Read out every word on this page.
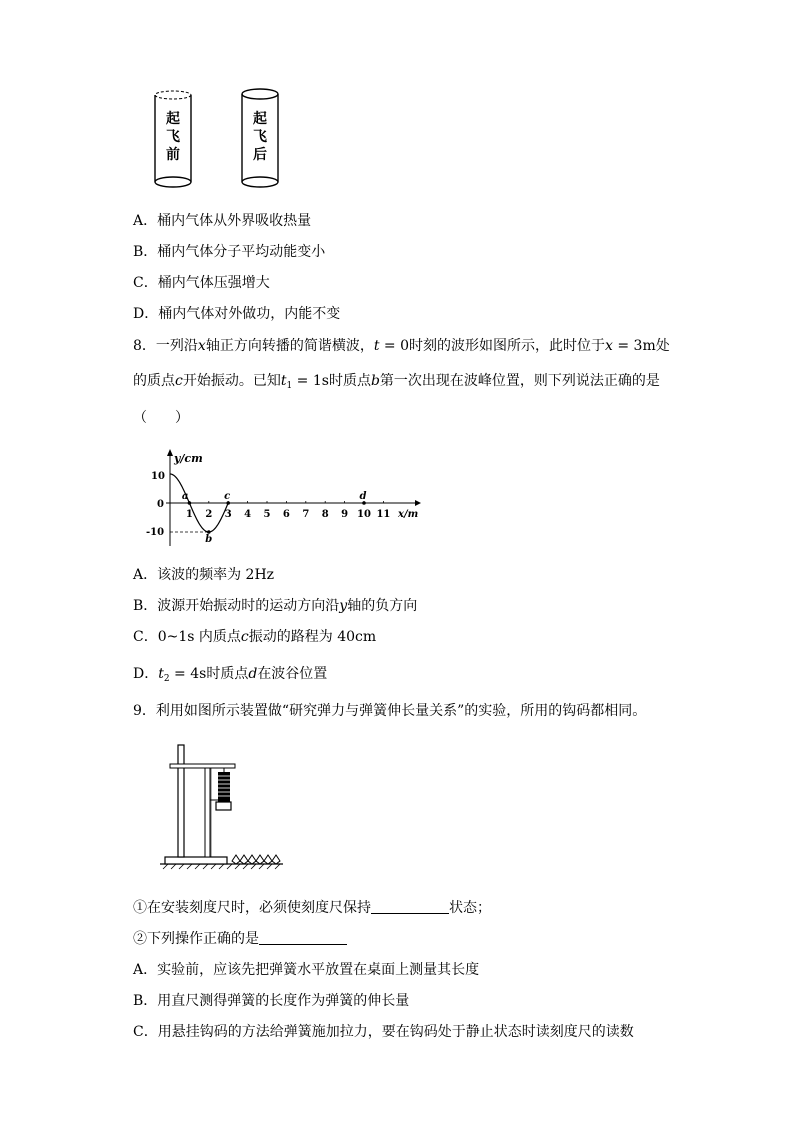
起
飞
前
起
飞
后
A．桶内气体从外界吸收热量
B．桶内气体分子平均动能变小
C．桶内气体压强增大
D．桶内气体对外做功，内能不变
8．一列沿x轴正方向转播的简谐横波，t = 0时刻的波形如图所示，此时位于x = 3m处
的质点c开始振动。已知$t_1 = 1s$时质点b第一次出现在波峰位置，则下列说法正确的是
（　　）
y/cm
x/m
10
0
-10
1 2 3 4 5 6 7 8 9 10 11
a
b
c	d
A．该波的频率为 2Hz
B．波源开始振动时的运动方向沿y轴的负方向
C．0~1s 内质点c振动的路程为 40cm
D．$t_2 = 4s$时质点d在波谷位置
9．利用如图所示装置做“研究弹力与弹簧伸长量关系”的实验，所用的钩码都相同。
①在安装刻度尺时，必须使刻度尺保持	状态；
②下列操作正确的是
A．实验前，应该先把弹簧水平放置在桌面上测量其长度
B．用直尺测得弹簧的长度作为弹簧的伸长量
C．用悬挂钩码的方法给弹簧施加拉力，要在钩码处于静止状态时读刻度尺的读数
